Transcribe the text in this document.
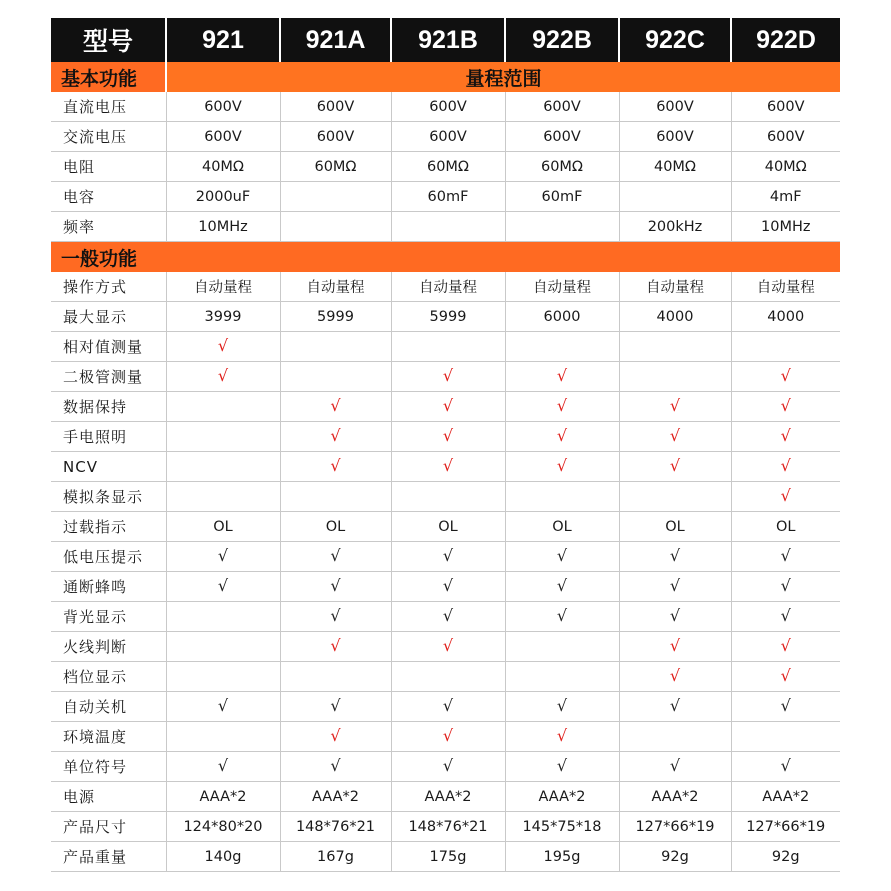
型号	921	921A	921B	922B	922C	922D
基本功能	量程范围					
直流电压	600V	600V	600V	600V	600V	600V
交流电压	600V	600V	600V	600V	600V	600V
电阻	40MΩ	60MΩ	60MΩ	60MΩ	40MΩ	40MΩ
电容	2000uF		60mF	60mF		4mF
频率	10MHz				200kHz	10MHz
一般功能						
操作方式	自动量程	自动量程	自动量程	自动量程	自动量程	自动量程
最大显示	3999	5999	5999	6000	4000	4000
相对值测量	√					
二极管测量	√		√	√		√
数据保持		√	√	√	√	√
手电照明		√	√	√	√	√
NCV		√	√	√	√	√
模拟条显示						√
过载指示	OL	OL	OL	OL	OL	OL
低电压提示	√	√	√	√	√	√
通断蜂鸣	√	√	√	√	√	√
背光显示		√	√	√	√	√
火线判断		√	√		√	√
档位显示					√	√
自动关机	√	√	√	√	√	√
环境温度		√	√	√		
单位符号	√	√	√	√	√	√
电源	AAA*2	AAA*2	AAA*2	AAA*2	AAA*2	AAA*2
产品尺寸	124*80*20	148*76*21	148*76*21	145*75*18	127*66*19	127*66*19
产品重量	140g	167g	175g	195g	92g	92g
